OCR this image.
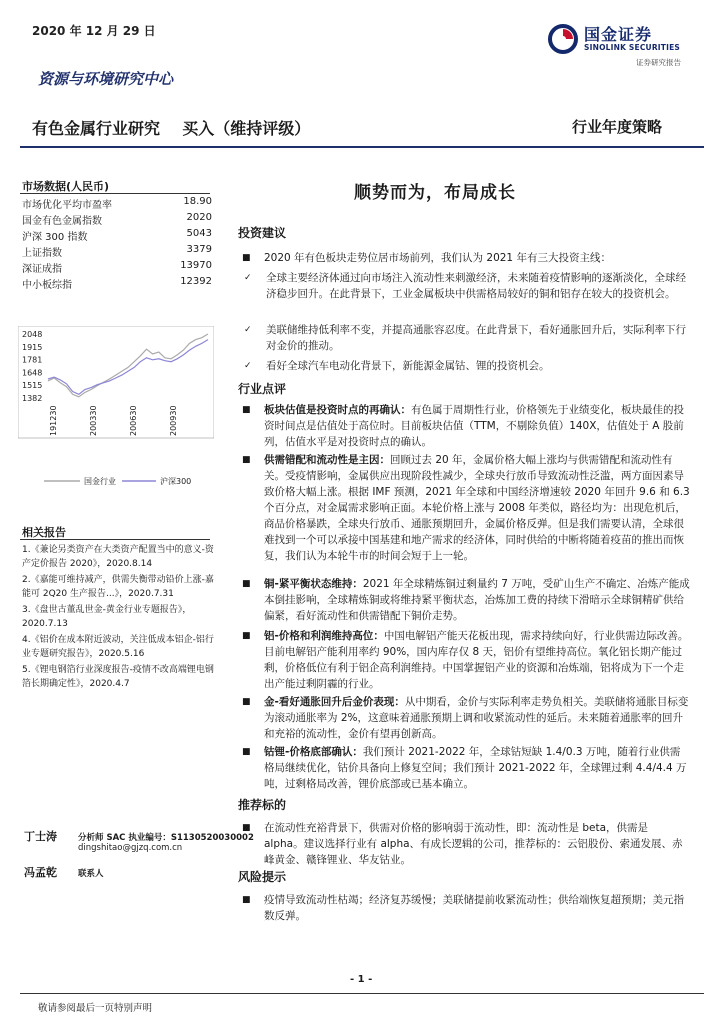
2020 年 12 月 29 日	国金证券
SINOLINK SECURITIES
证券研究报告
资源与环境研究中心
有色金属行业研究    买入（维持评级）	行业年度策略
市场数据(人民币)
市场优化平均市盈率	18.90
国金有色金属指数	2020
沪深 300 指数	5043
上证指数	3379
深证成指	13970
中小板综指	12392
2048
1915
1781
1648
1515
1382
191230	200330	200630	200930
国金行业	沪深300
相关报告
1.《兼论另类资产在大类资产配置当中的意义-资产定价报告 2020》，2020.8.14
2.《嘉能可维持减产，供需失衡带动铅价上涨-嘉能可 2Q20 生产报告...》，2020.7.31
3.《盘世古董乱世金-黄金行业专题报告》，2020.7.13
4.《铝价在成本附近波动，关注低成本铝企-铝行业专题研究报告》，2020.5.16
5.《锂电钢箔行业深度报告-疫情不改高端锂电钢箔长期确定性》，2020.4.7
丁士涛 分析师 SAC 执业编号：S1130520030002
dingshitao@gjzq.com.cn
冯孟乾 联系人
顺势而为，布局成长
投资建议
■	2020 年有色板块走势位居市场前列，我们认为 2021 年有三大投资主线：
✓	全球主要经济体通过向市场注入流动性来刺激经济，未来随着疫情影响的逐渐淡化，全球经济稳步回升。在此背景下，工业金属板块中供需格局较好的铜和铝存在较大的投资机会。
✓	美联储维持低利率不变，并提高通胀容忍度。在此背景下，看好通胀回升后，实际利率下行对金价的推动。
✓	看好全球汽车电动化背景下，新能源金属钴、锂的投资机会。
行业点评
■	板块估值是投资时点的再确认：有色属于周期性行业，价格领先于业绩变化，板块最佳的投资时间点是估值处于高位时。目前板块估值（TTM，不剔除负值）140X，估值处于 A 股前列，估值水平是对投资时点的确认。
■	供需错配和流动性是主因：回顾过去 20 年，金属价格大幅上涨均与供需错配和流动性有关。受疫情影响，金属供应出现阶段性减少，全球央行放币导致流动性泛滥，两方面因素导致价格大幅上涨。根据 IMF 预测，2021 年全球和中国经济增速较 2020 年回升 9.6 和 6.3 个百分点，对金属需求影响正面。本轮价格上涨与 2008 年类似，路径均为：出现危机后，商品价格暴跌，全球央行放币、通胀预期回升，金属价格反弹。但是我们需要认清，全球很难找到一个可以承接中国基建和地产需求的经济体，同时供给的中断将随着疫苗的推出而恢复，我们认为本轮牛市的时间会短于上一轮。
■	铜-紧平衡状态维持：2021 年全球精炼铜过剩量约 7 万吨，受矿山生产不确定、冶炼产能成本倒挂影响，全球精炼铜或将维持紧平衡状态，冶炼加工费的持续下滑暗示全球铜精矿供给偏紧，看好流动性和供需错配下铜价走势。
■	铝-价格和利润维持高位：中国电解铝产能天花板出现，需求持续向好，行业供需边际改善。目前电解铝产能利用率约 90%，国内库存仅 8 天，铝价有望维持高位。氧化铝长期产能过剩，价格低位有利于铝企高利润维持。中国掌握铝产业的资源和冶炼端，铝将成为下一个走出产能过剩阴霾的行业。
■	金-看好通胀回升后金价表现：从中期看，金价与实际利率走势负相关。美联储将通胀目标变为滚动通胀率为 2%，这意味着通胀预期上调和收紧流动性的延后。未来随着通胀率的回升和充裕的流动性，金价有望再创新高。
■	钴锂-价格底部确认：我们预计 2021-2022 年，全球钴短缺 1.4/0.3 万吨，随着行业供需格局继续优化，钴价具备向上修复空间；我们预计 2021-2022 年，全球锂过剩 4.4/4.4 万吨，过剩格局改善，锂价底部或已基本确立。
推荐标的
■	在流动性充裕背景下，供需对价格的影响弱于流动性，即：流动性是 beta，供需是 alpha。建议选择行业有 alpha、有成长逻辑的公司，推荐标的：云铝股份、索通发展、赤峰黄金、赣锋锂业、华友钴业。
风险提示
■	疫情导致流动性枯竭；经济复苏缓慢；美联储提前收紧流动性；供给端恢复超预期；美元指数反弹。
- 1 -
敬请参阅最后一页特别声明
